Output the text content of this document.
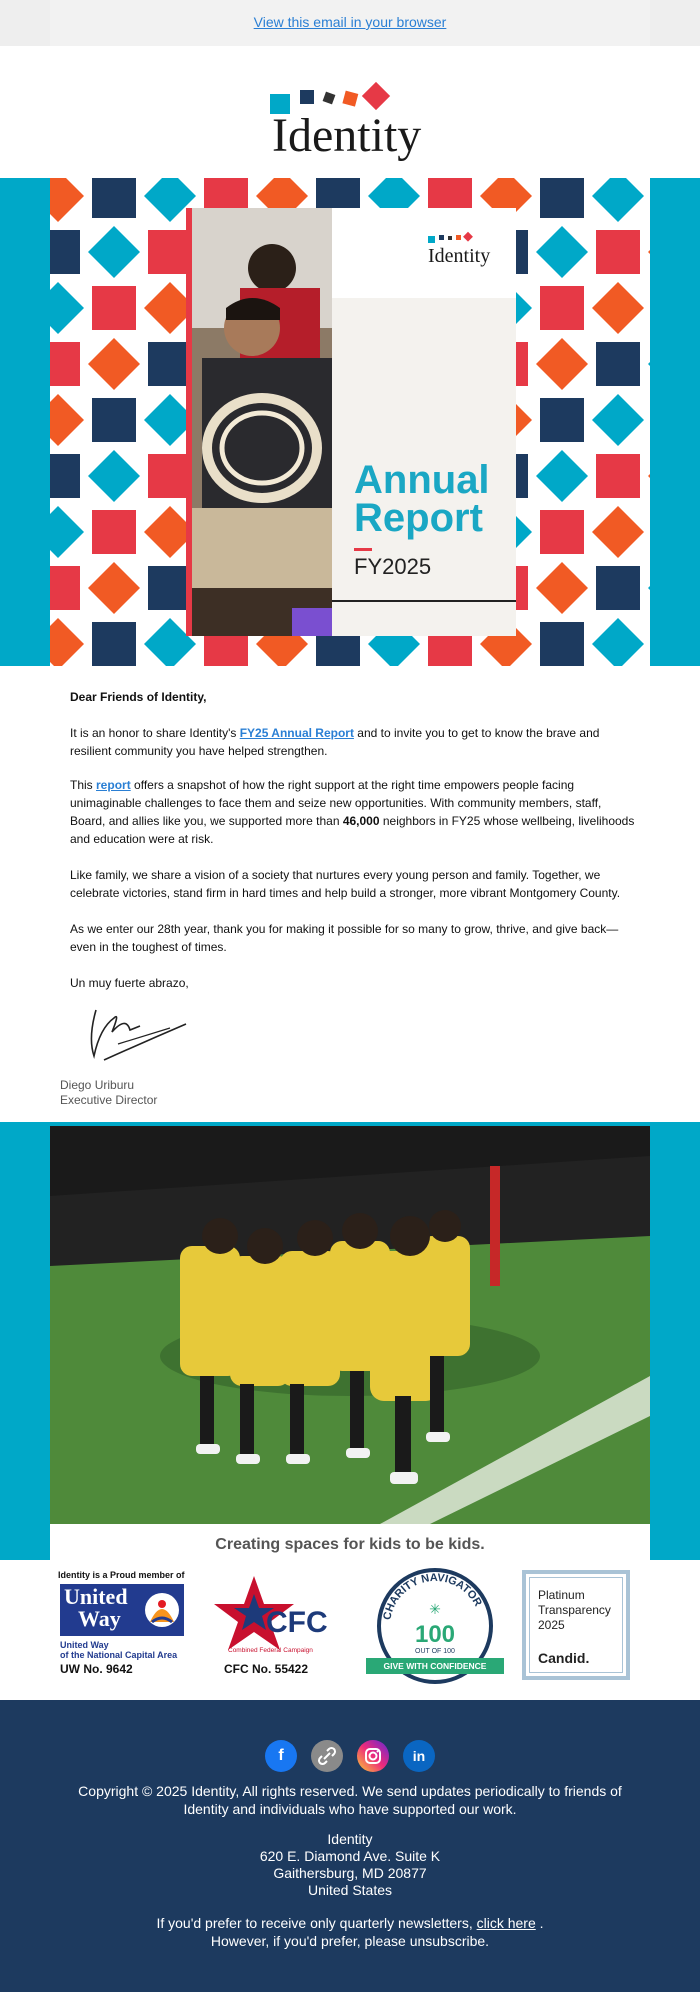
View this email in your browser
Identity
Identity
Annual
Report
FY2025

Dear Friends of Identity,

It is an honor to share Identity's FY25 Annual Report and to invite you to get to know the brave and resilient community you have helped strengthen.

This report offers a snapshot of how the right support at the right time empowers people facing unimaginable challenges to face them and seize new opportunities. With community members, staff, Board, and allies like you, we supported more than 46,000 neighbors in FY25 whose wellbeing, livelihoods and education were at risk.

Like family, we share a vision of a society that nurtures every young person and family. Together, we celebrate victories, stand firm in hard times and help build a stronger, more vibrant Montgomery County.

As we enter our 28th year, thank you for making it possible for so many to grow, thrive, and give back—even in the toughest of times.

Un muy fuerte abrazo,

Diego Uriburu
Executive Director
Creating spaces for kids to be kids.
Identity is a Proud member of
United
Way
United Way
of the National Capital Area
UW No. 9642
CFC
Combined Federal Campaign
CFC No. 55422
CHARITY NAVIGATOR
✳
100
OUT OF 100
GIVE WITH CONFIDENCE
Platinum
Transparency
2025
Candid.
f	in
Copyright © 2025 Identity, All rights reserved. We send updates periodically to friends of Identity and individuals who have supported our work.
Identity
620 E. Diamond Ave. Suite K
Gaithersburg, MD 20877
United States
If you'd prefer to receive only quarterly newsletters, click here .
However, if you'd prefer, please unsubscribe.
